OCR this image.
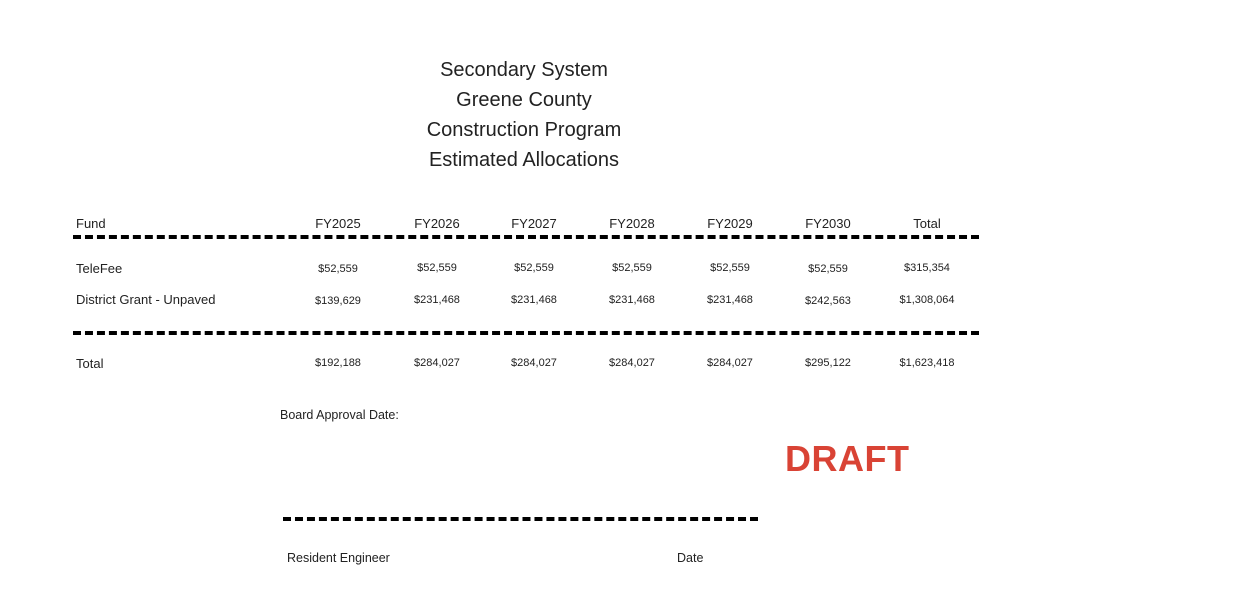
Secondary System
Greene County
Construction Program
Estimated Allocations
Fund	FY2025	FY2026	FY2027	FY2028	FY2029	FY2030	Total
TeleFee	$52,559	$52,559	$52,559	$52,559	$52,559	$52,559	$315,354
District Grant - Unpaved	$139,629	$231,468	$231,468	$231,468	$231,468	$242,563	$1,308,064
Total	$192,188	$284,027	$284,027	$284,027	$284,027	$295,122	$1,623,418
Board Approval Date:
DRAFT
Resident Engineer	Date
